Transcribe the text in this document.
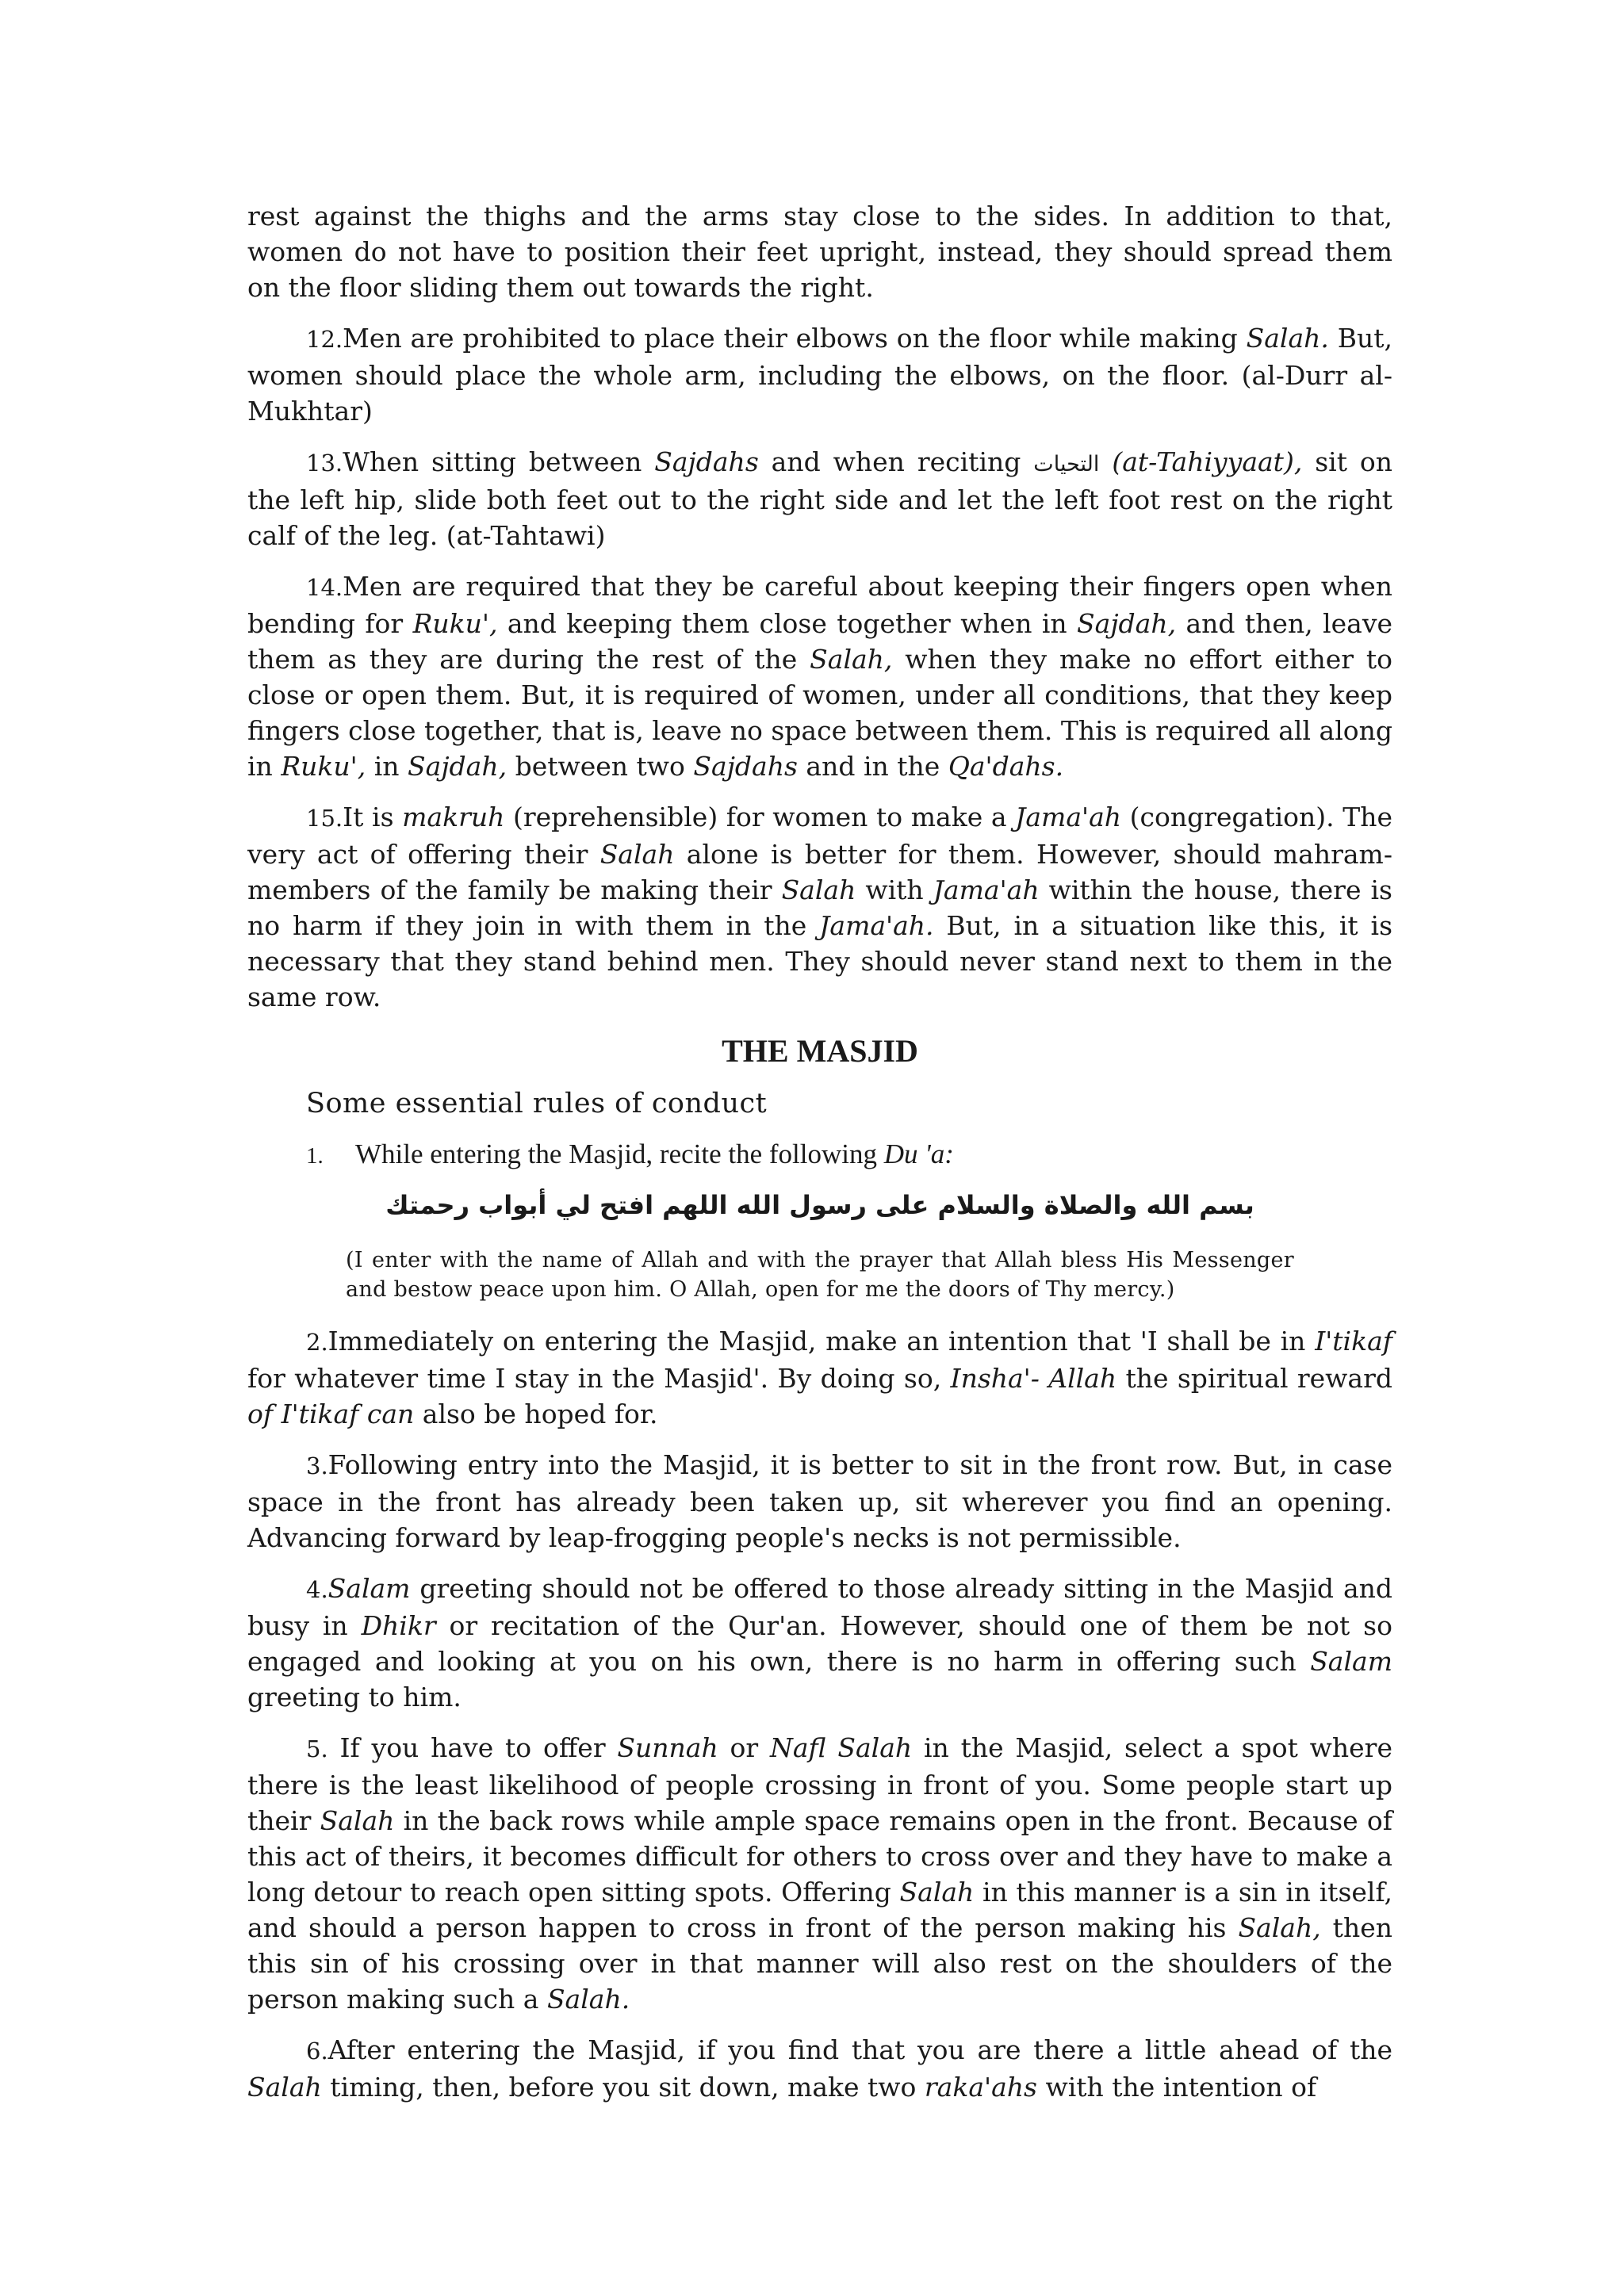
rest against the thighs and the arms stay close to the sides. In addition to that, women do not have to position their feet upright, instead, they should spread them on the floor sliding them out towards the right.

12.Men are prohibited to place their elbows on the floor while making Salah. But, women should place the whole arm, including the elbows, on the floor. (al-Durr al-Mukhtar)

13.When sitting between Sajdahs and when reciting التحيات (at-Tahiyyaat), sit on the left hip, slide both feet out to the right side and let the left foot rest on the right calf of the leg. (at-Tahtawi)

14.Men are required that they be careful about keeping their fingers open when bending for Ruku', and keeping them close together when in Sajdah, and then, leave them as they are during the rest of the Salah, when they make no effort either to close or open them. But, it is required of women, under all conditions, that they keep fingers close together, that is, leave no space between them. This is required all along in Ruku', in Sajdah, between two Sajdahs and in the Qa'dahs.

15.It is makruh (reprehensible) for women to make a Jama'ah (congregation). The very act of offering their Salah alone is better for them. However, should mahram-members of the family be making their Salah with Jama'ah within the house, there is no harm if they join in with them in the Jama'ah. But, in a situation like this, it is necessary that they stand behind men. They should never stand next to them in the same row.

THE MASJID
Some essential rules of conduct
1. While entering the Masjid, recite the following Du 'a:
بسم الله والصلاة والسلام على رسول الله اللهم افتح لي أبواب رحمتك
(I enter with the name of Allah and with the prayer that Allah bless His Messenger and bestow peace upon him. O Allah, open for me the doors of Thy mercy.)

2.Immediately on entering the Masjid, make an intention that 'I shall be in I'tikaf for whatever time I stay in the Masjid'. By doing so, Insha'- Allah the spiritual reward of I'tikaf can also be hoped for.

3.Following entry into the Masjid, it is better to sit in the front row. But, in case space in the front has already been taken up, sit wherever you find an opening. Advancing forward by leap-frogging people's necks is not permissible.

4.Salam greeting should not be offered to those already sitting in the Masjid and busy in Dhikr or recitation of the Qur'an. However, should one of them be not so engaged and looking at you on his own, there is no harm in offering such Salam greeting to him.

5. If you have to offer Sunnah or Nafl Salah in the Masjid, select a spot where there is the least likelihood of people crossing in front of you. Some people start up their Salah in the back rows while ample space remains open in the front. Because of this act of theirs, it becomes difficult for others to cross over and they have to make a long detour to reach open sitting spots. Offering Salah in this manner is a sin in itself, and should a person happen to cross in front of the person making his Salah, then this sin of his crossing over in that manner will also rest on the shoulders of the person making such a Salah.

6.After entering the Masjid, if you find that you are there a little ahead of the Salah timing, then, before you sit down, make two raka'ahs with the intention of
